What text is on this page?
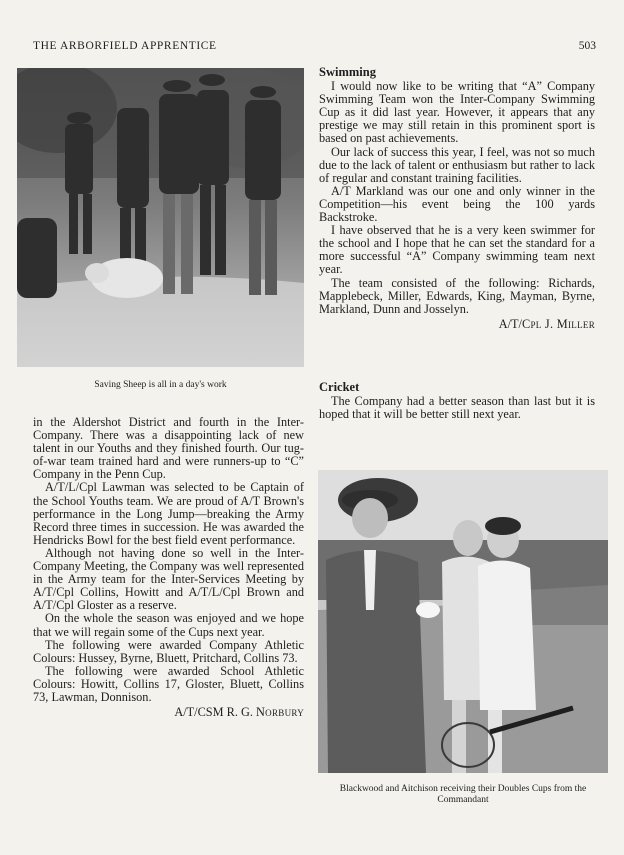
THE ARBORFIELD APPRENTICE	503
Saving Sheep is all in a day's work

in the Aldershot District and fourth in the Inter-Company. There was a disappointing lack of new talent in our Youths and they finished fourth. Our tug-of-war team trained hard and were runners-up to “C” Company in the Penn Cup.

A/T/L/Cpl Lawman was selected to be Captain of the School Youths team. We are proud of A/T Brown's performance in the Long Jump—breaking the Army Record three times in succession. He was awarded the Hendricks Bowl for the best field event performance.

Although not having done so well in the Inter-Company Meeting, the Company was well represented in the Army team for the Inter-Services Meeting by A/T/Cpl Collins, Howitt and A/T/L/Cpl Brown and A/T/Cpl Gloster as a reserve.

On the whole the season was enjoyed and we hope that we will regain some of the Cups next year.

The following were awarded Company Athletic Colours: Hussey, Byrne, Bluett, Pritchard, Collins 73.

The following were awarded School Athletic Colours: Howitt, Collins 17, Gloster, Bluett, Collins 73, Lawman, Donnison.

A/T/CSM R. G. Norbury

Swimming

I would now like to be writing that “A” Company Swimming Team won the Inter-Company Swimming Cup as it did last year. However, it appears that any prestige we may still retain in this prominent sport is based on past achievements.

Our lack of success this year, I feel, was not so much due to the lack of talent or enthusiasm but rather to lack of regular and constant training facilities.

A/T Markland was our one and only winner in the Competition—his event being the 100 yards Backstroke.

I have observed that he is a very keen swimmer for the school and I hope that he can set the standard for a more successful “A” Company swimming team next year.

The team consisted of the following: Richards, Mapplebeck, Miller, Edwards, King, Mayman, Byrne, Markland, Dunn and Josselyn.

A/T/Cpl J. Miller

Cricket

The Company had a better season than last but it is hoped that it will be better still next year.

Blackwood and Aitchison receiving their Doubles Cups from the Commandant
